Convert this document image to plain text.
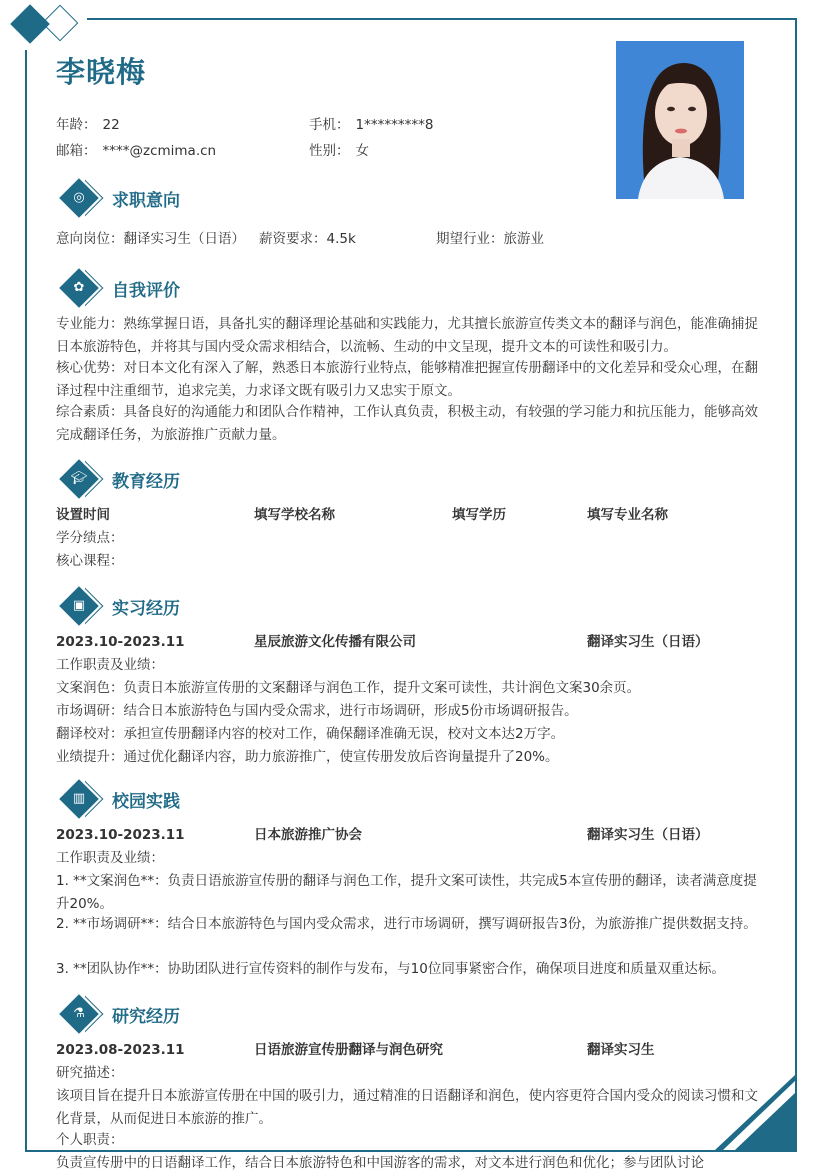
李晓梅
年龄： 22	手机： 1*********8
邮箱： ****@zcmima.cn	性别： 女
◎	求职意向
意向岗位：翻译实习生（日语） 薪资要求：4.5k	期望行业：旅游业
✿	自我评价
专业能力：熟练掌握日语，具备扎实的翻译理论基础和实践能力，尤其擅长旅游宣传类文本的翻译与润色，能准确捕捉日本旅游特色，并将其与国内受众需求相结合，以流畅、生动的中文呈现，提升文本的可读性和吸引力。
核心优势：对日本文化有深入了解，熟悉日本旅游行业特点，能够精准把握宣传册翻译中的文化差异和受众心理，在翻译过程中注重细节，追求完美，力求译文既有吸引力又忠实于原文。
综合素质：具备良好的沟通能力和团队合作精神，工作认真负责，积极主动，有较强的学习能力和抗压能力，能够高效完成翻译任务，为旅游推广贡献力量。
🎓︎ 教育经历
设置时间	填写学校名称	填写学历	填写专业名称
学分绩点：
核心课程：
▣ 实习经历
2023.10-2023.11	星辰旅游文化传播有限公司	翻译实习生（日语）
工作职责及业绩：
文案润色：负责日本旅游宣传册的文案翻译与润色工作，提升文案可读性，共计润色文案30余页。
市场调研：结合日本旅游特色与国内受众需求，进行市场调研，形成5份市场调研报告。
翻译校对：承担宣传册翻译内容的校对工作，确保翻译准确无误，校对文本达2万字。
业绩提升：通过优化翻译内容，助力旅游推广，使宣传册发放后咨询量提升了20%。
▥ 校园实践
2023.10-2023.11	日本旅游推广协会	翻译实习生（日语）
工作职责及业绩：
1. **文案润色**：负责日语旅游宣传册的翻译与润色工作，提升文案可读性，共完成5本宣传册的翻译，读者满意度提升20%。
2. **市场调研**：结合日本旅游特色与国内受众需求，进行市场调研，撰写调研报告3份，为旅游推广提供数据支持。
3. **团队协作**：协助团队进行宣传资料的制作与发布，与10位同事紧密合作，确保项目进度和质量双重达标。
⚗	研究经历
2023.08-2023.11	日语旅游宣传册翻译与润色研究	翻译实习生
研究描述：
该项目旨在提升日本旅游宣传册在中国的吸引力，通过精准的日语翻译和润色，使内容更符合国内受众的阅读习惯和文化背景，从而促进日本旅游的推广。
个人职责：
负责宣传册中的日语翻译工作，结合日本旅游特色和中国游客的需求，对文本进行润色和优化；参与团队讨论
